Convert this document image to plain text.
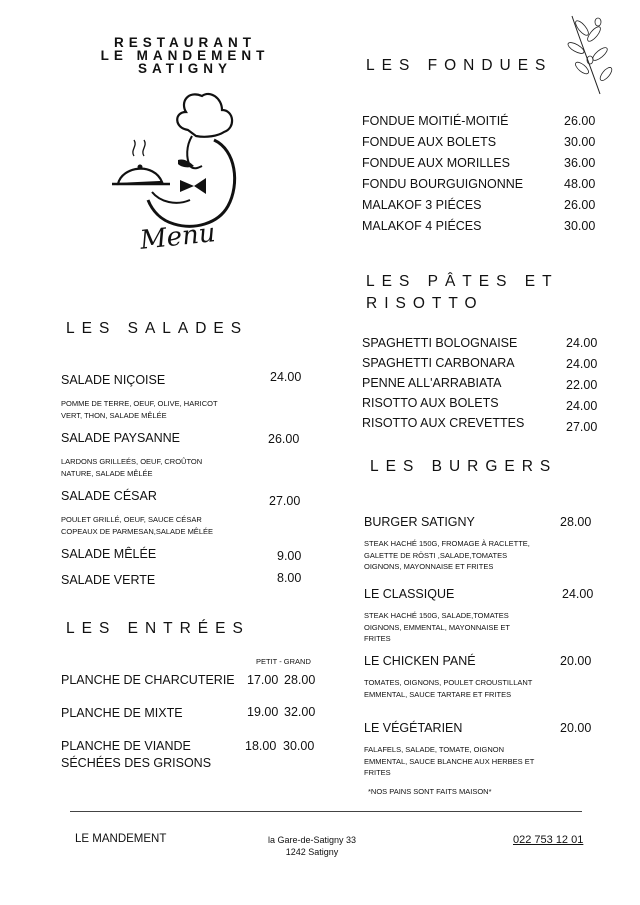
RESTAURANT
LE MANDEMENT
SATIGNY
Menu
LES FONDUES
FONDUE MOITIÉ-MOITIÉ	26.00
FONDUE AUX BOLETS	30.00
FONDUE AUX MORILLES	36.00
FONDU BOURGUIGNONNE	48.00
MALAKOF 3 PIÉCES	26.00
MALAKOF 4 PIÉCES	30.00
LES PÂTES ET
RISOTTO
SPAGHETTI BOLOGNAISE	24.00
SPAGHETTI CARBONARA	24.00
PENNE ALL'ARRABIATA	22.00
RISOTTO AUX BOLETS	24.00
RISOTTO AUX CREVETTES	27.00
LES BURGERS
BURGER SATIGNY	28.00
STEAK HACHÉ 150G, FROMAGE À RACLETTE,
GALETTE DE RÖSTI ,SALADE,TOMATES
OIGNONS, MAYONNAISE ET FRITES
LE CLASSIQUE	24.00
STEAK HACHÉ 150G, SALADE,TOMATES
OIGNONS, EMMENTAL, MAYONNAISE ET
FRITES
LE CHICKEN PANÉ	20.00
TOMATES, OIGNONS, POULET CROUSTILLANT
EMMENTAL, SAUCE TARTARE ET FRITES
LE VÉGÉTARIEN	20.00
FALAFELS, SALADE, TOMATE, OIGNON
EMMENTAL, SAUCE BLANCHE AUX HERBES ET
FRITES
*NOS PAINS SONT FAITS MAISON*
LES SALADES
SALADE NIÇOISE	24.00
POMME DE TERRE, OEUF, OLIVE, HARICOT
VERT, THON, SALADE MÊLÉE
SALADE PAYSANNE	26.00
LARDONS GRILLEÉS, OEUF, CROÛTON
NATURE, SALADE MÊLÉE
SALADE CÉSAR	27.00
POULET GRILLÉ, OEUF, SAUCE CÉSAR
COPEAUX DE PARMESAN,SALADE MÊLÉE
SALADE MÊLÉE	9.00
SALADE VERTE	8.00
LES ENTRÉES
PETIT - GRAND
PLANCHE DE CHARCUTERIE 17.00 28.00
PLANCHE DE MIXTE	19.00 32.00
PLANCHE DE VIANDE
SÉCHÉES DES GRISONS
18.00 30.00
LE MANDEMENT	la Gare-de-Satigny 33
1242 Satigny
022 753 12 01
